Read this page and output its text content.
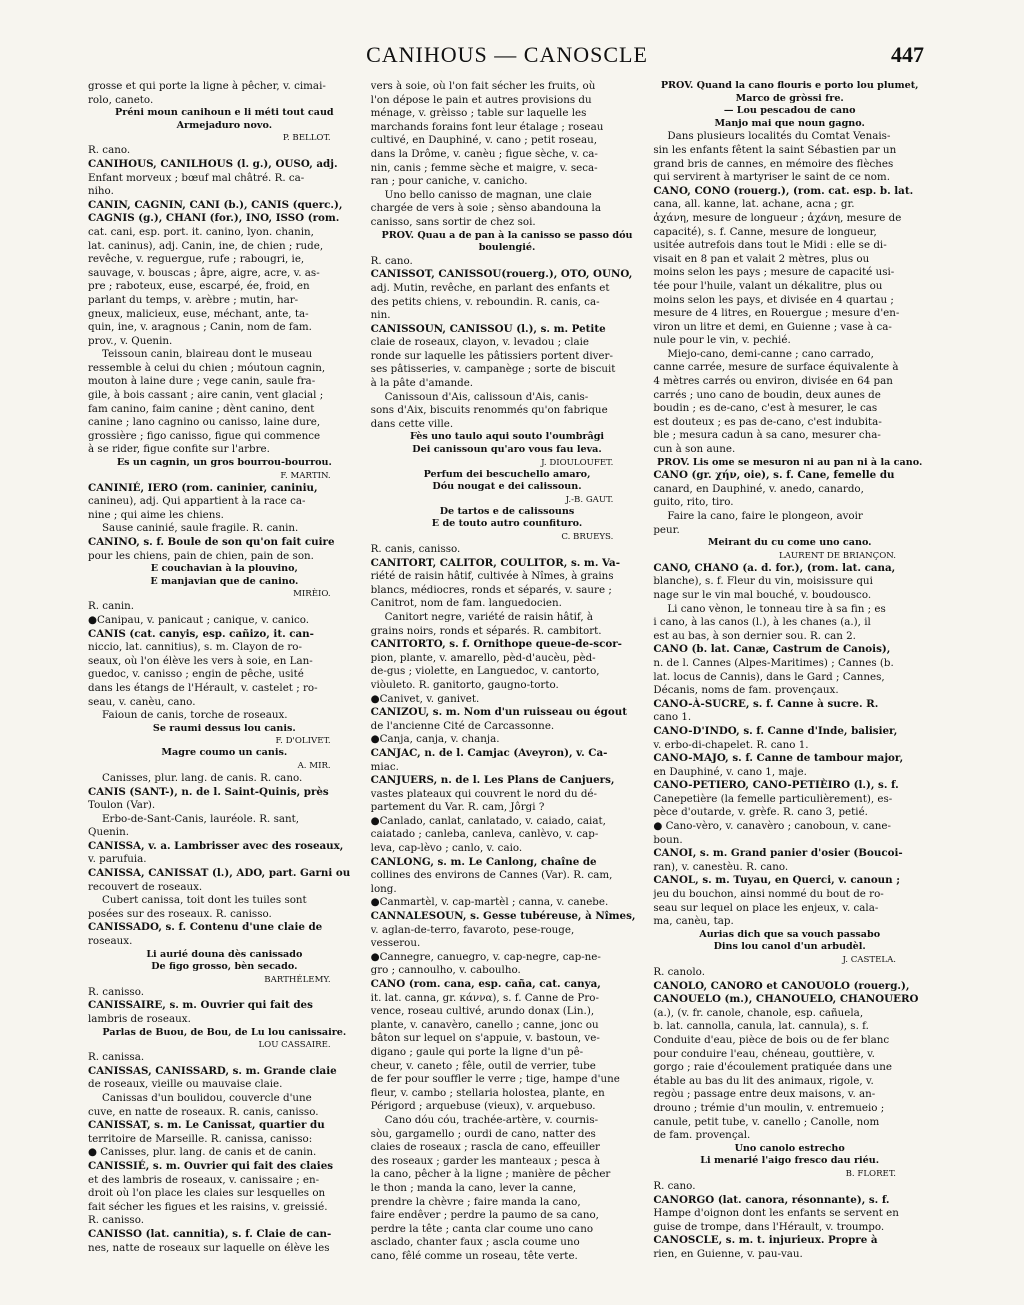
CANIHOUS — CANOSCLE	447

grosse et qui porte la ligne à pêcher, v. cimai-

rolo, caneto.

Préni moun canihoun e li méti tout caud

Armejaduro novo.

P. BELLOT.

R. cano.

CANIHOUS, CANILHOUS (l. g.), OUSO, adj.

Enfant morveux ; bœuf mal châtré. R. ca-

niho.

CANIN, CAGNIN, CANI (b.), CANIS (querc.),

CAGNIS (g.), CHANI (for.), INO, ISSO (rom.

cat. cani, esp. port. it. canino, lyon. chanin,

lat. caninus), adj. Canin, ine, de chien ; rude,

revêche, v. reguergue, rufe ; rabougri, ie,

sauvage, v. bouscas ; âpre, aigre, acre, v. as-

pre ; raboteux, euse, escarpé, ée, froid, en

parlant du temps, v. arèbre ; mutin, har-

gneux, malicieux, euse, méchant, ante, ta-

quin, ine, v. aragnous ; Canin, nom de fam.

prov., v. Quenin.

Teissoun canin, blaireau dont le museau

ressemble à celui du chien ; móutoun cagnin,

mouton à laine dure ; vege canin, saule fra-

gile, à bois cassant ; aire canin, vent glacial ;

fam canino, faim canine ; dènt canino, dent

canine ; lano cagnino ou canisso, laine dure,

grossière ; figo canisso, figue qui commence

à se rider, figue confite sur l'arbre.

Es un cagnin, un gros bourrou-bourrou.

F. MARTIN.

CANINIÉ, IERO (rom. caninier, caniniu,

canineu), adj. Qui appartient à la race ca-

nine ; qui aime les chiens.

Sause caninié, saule fragile. R. canin.

CANINO, s. f. Boule de son qu'on fait cuire

pour les chiens, pain de chien, pain de son.

E couchavian à la plouvino,

E manjavian que de canino.

MIRÈIO.

R. canin.

●Canipau, v. panicaut ; canique, v. canico.

CANIS (cat. canyis, esp. cañizo, it. can-

niccio, lat. cannitius), s. m. Clayon de ro-

seaux, où l'on élève les vers à soie, en Lan-

guedoc, v. canisso ; engin de pêche, usité

dans les étangs de l'Hérault, v. castelet ; ro-

seau, v. canèu, cano.

Faioun de canis, torche de roseaux.

Se raumi dessus lou canis.

F. D'OLIVET.

Magre coumo un canis.

A. MIR.

Canisses, plur. lang. de canis. R. cano.

CANIS (SANT-), n. de l. Saint-Quinis, près

Toulon (Var).

Erbo-de-Sant-Canis, lauréole. R. sant,

Quenin.

CANISSA, v. a. Lambrisser avec des roseaux,

v. parufuia.

CANISSA, CANISSAT (l.), ADO, part. Garni ou

recouvert de roseaux.

Cubert canissa, toit dont les tuiles sont

posées sur des roseaux. R. canisso.

CANISSADO, s. f. Contenu d'une claie de

roseaux.

Li aurié douna dès canissado

De figo grosso, bèn secado.

BARTHÉLEMY.

R. canisso.

CANISSAIRE, s. m. Ouvrier qui fait des

lambris de roseaux.

Parlas de Buou, de Bou, de Lu lou canissaire.

LOU CASSAIRE.

R. canissa.

CANISSAS, CANISSARD, s. m. Grande claie

de roseaux, vieille ou mauvaise claie.

Canissas d'un boulidou, couvercle d'une

cuve, en natte de roseaux. R. canis, canisso.

CANISSAT, s. m. Le Canissat, quartier du

territoire de Marseille. R. canissa, canisso:

● Canisses, plur. lang. de canis et de canin.

CANISSIÉ, s. m. Ouvrier qui fait des claies

et des lambris de roseaux, v. canissaire ; en-

droit où l'on place les claies sur lesquelles on

fait sécher les figues et les raisins, v. greissié.

R. canisso.

CANISSO (lat. cannitia), s. f. Claie de can-

nes, natte de roseaux sur laquelle on élève les

vers à soie, où l'on fait sécher les fruits, où

l'on dépose le pain et autres provisions du

ménage, v. grèisso ; table sur laquelle les

marchands forains font leur étalage ; roseau

cultivé, en Dauphiné, v. cano ; petit roseau,

dans la Drôme, v. canèu ; figue sèche, v. ca-

nin, canis ; femme sèche et maigre, v. seca-

ran ; pour caniche, v. canicho.

Uno bello canisso de magnan, une claie

chargée de vers à soie ; sènso abandouna la

canisso, sans sortir de chez soi.

PROV. Quau a de pan à la canisso se passo dóu

boulengié.

R. cano.

CANISSOT, CANISSOU(rouerg.), OTO, OUNO,

adj. Mutin, revêche, en parlant des enfants et

des petits chiens, v. reboundin. R. canis, ca-

nin.

CANISSOUN, CANISSOU (l.), s. m. Petite

claie de roseaux, clayon, v. levadou ; claie

ronde sur laquelle les pâtissiers portent diver-

ses pâtisseries, v. campanège ; sorte de biscuit

à la pâte d'amande.

Canissoun d'Ais, calissoun d'Ais, canis-

sons d'Aix, biscuits renommés qu'on fabrique

dans cette ville.

Fès uno taulo aqui souto l'oumbrâgi

Dei canissoun qu'aro vous fau leva.

J. DIOULOUFET.

Perfum dei bescuchello amaro,

Dóu nougat e dei calissoun.

J.-B. GAUT.

De tartos e de calissouns

E de touto autro counfituro.

C. BRUEYS.

R. canis, canisso.

CANITORT, CALITOR, COULITOR, s. m. Va-

riété de raisin hâtif, cultivée à Nîmes, à grains

blancs, médiocres, ronds et séparés, v. saure ;

Canitrot, nom de fam. languedocien.

Canitort negre, variété de raisin hâtif, à

grains noirs, ronds et séparés. R. cambitort.

CANITORTO, s. f. Ornithope queue-de-scor-

pion, plante, v. amarello, pèd-d'aucèu, pèd-

de-gus ; violette, en Languedoc, v. cantorto,

viòuleto. R. ganitorto, gaugno-torto.

●Canivet, v. ganivet.

CANIZOU, s. m. Nom d'un ruisseau ou égout

de l'ancienne Cité de Carcassonne.

●Canja, canja, v. chanja.

CANJAC, n. de l. Camjac (Aveyron), v. Ca-

miac.

CANJUERS, n. de l. Les Plans de Canjuers,

vastes plateaux qui couvrent le nord du dé-

partement du Var. R. cam, Jôrgi ?

●Canlado, canlat, canlatado, v. caiado, caiat,

caiatado ; canleba, canleva, canlèvo, v. cap-

leva, cap-lèvo ; canlo, v. caio.

CANLONG, s. m. Le Canlong, chaîne de

collines des environs de Cannes (Var). R. cam,

long.

●Canmartèl, v. cap-martèl ; canna, v. canebe.

CANNALESOUN, s. Gesse tubéreuse, à Nîmes,

v. aglan-de-terro, favaroto, pese-rouge,

vesserou.

●Cannegre, canuegro, v. cap-negre, cap-ne-

gro ; cannoulho, v. caboulho.

CANO (rom. cana, esp. caña, cat. canya,

it. lat. canna, gr. κάννα), s. f. Canne de Pro-

vence, roseau cultivé, arundo donax (Lin.),

plante, v. canavèro, canello ; canne, jonc ou

bâton sur lequel on s'appuie, v. bastoun, ve-

digano ; gaule qui porte la ligne d'un pê-

cheur, v. caneto ; fêle, outil de verrier, tube

de fer pour souffler le verre ; tige, hampe d'une

fleur, v. cambo ; stellaria holostea, plante, en

Périgord ; arquebuse (vieux), v. arquebuso.

Cano dóu cóu, trachée-artère, v. cournis-

sòu, gargamello ; ourdi de cano, natter des

claies de roseaux ; rascla de cano, effeuiller

des roseaux ; garder les manteaux ; pesca à

la cano, pêcher à la ligne ; manière de pêcher

le thon ; manda la cano, lever la canne,

prendre la chèvre ; faire manda la cano,

faire endêver ; perdre la paumo de sa cano,

perdre la tête ; canta clar coume uno cano

asclado, chanter faux ; ascla coume uno

cano, fêlé comme un roseau, tête verte.

PROV. Quand la cano flouris e porto lou plumet,

Marco de gròssi fre.

— Lou pescadou de cano

Manjo mai que noun gagno.

Dans plusieurs localités du Comtat Venais-

sin les enfants fêtent la saint Sébastien par un

grand bris de cannes, en mémoire des flèches

qui servirent à martyriser le saint de ce nom.

CANO, CONO (rouerg.), (rom. cat. esp. b. lat.

cana, all. kanne, lat. achane, acna ; gr.

ἀχάνη, mesure de longueur ; ἀχάνη, mesure de

capacité), s. f. Canne, mesure de longueur,

usitée autrefois dans tout le Midi : elle se di-

visait en 8 pan et valait 2 mètres, plus ou

moins selon les pays ; mesure de capacité usi-

tée pour l'huile, valant un dékalitre, plus ou

moins selon les pays, et divisée en 4 quartau ;

mesure de 4 litres, en Rouergue ; mesure d'en-

viron un litre et demi, en Guienne ; vase à ca-

nule pour le vin, v. pechié.

Miejo-cano, demi-canne ; cano carrado,

canne carrée, mesure de surface équivalente à

4 mètres carrés ou environ, divisée en 64 pan

carrés ; uno cano de boudin, deux aunes de

boudin ; es de-cano, c'est à mesurer, le cas

est douteux ; es pas de-cano, c'est indubita-

ble ; mesura cadun à sa cano, mesurer cha-

cun à son aune.

PROV. Lis ome se mesuron ni au pan ni à la cano.

CANO (gr. χήν, oie), s. f. Cane, femelle du

canard, en Dauphiné, v. anedo, canardo,

guito, rito, tiro.

Faire la cano, faire le plongeon, avoir

peur.

Meirant du cu come uno cano.

LAURENT DE BRIANÇON.

CANO, CHANO (a. d. for.), (rom. lat. cana,

blanche), s. f. Fleur du vin, moisissure qui

nage sur le vin mal bouché, v. boudousco.

Li cano vènon, le tonneau tire à sa fin ; es

i cano, à las canos (l.), à les chanes (a.), il

est au bas, à son dernier sou. R. can 2.

CANO (b. lat. Canæ, Castrum de Canois),

n. de l. Cannes (Alpes-Maritimes) ; Cannes (b.

lat. locus de Cannis), dans le Gard ; Cannes,

Décanis, noms de fam. provençaux.

CANO-À-SUCRE, s. f. Canne à sucre. R.

cano 1.

CANO-D'INDO, s. f. Canne d'Inde, balisier,

v. erbo-di-chapelet. R. cano 1.

CANO-MAJO, s. f. Canne de tambour major,

en Dauphiné, v. cano 1, maje.

CANO-PETIERO, CANO-PETIÈIRO (l.), s. f.

Canepetière (la femelle particulièrement), es-

pèce d'outarde, v. grèfe. R. cano 3, petié.

● Cano-vèro, v. canavèro ; canoboun, v. cane-

boun.

CANOI, s. m. Grand panier d'osier (Boucoi-

ran), v. canestèu. R. cano.

CANOL, s. m. Tuyau, en Querci, v. canoun ;

jeu du bouchon, ainsi nommé du bout de ro-

seau sur lequel on place les enjeux, v. cala-

ma, canèu, tap.

Aurias dich que sa vouch passabo

Dins lou canol d'un arbudèl.

J. CASTELA.

R. canolo.

CANOLO, CANORO et CANOUOLO (rouerg.),

CANOUELO (m.), CHANOUELO, CHANOUERO

(a.), (v. fr. canole, chanole, esp. cañuela,

b. lat. cannolla, canula, lat. cannula), s. f.

Conduite d'eau, pièce de bois ou de fer blanc

pour conduire l'eau, chéneau, gouttière, v.

gorgo ; raie d'écoulement pratiquée dans une

étable au bas du lit des animaux, rigole, v.

regòu ; passage entre deux maisons, v. an-

drouno ; trémie d'un moulin, v. entremueio ;

canule, petit tube, v. canello ; Canolle, nom

de fam. provençal.

Uno canolo estrecho

Li menarié l'aigo fresco dau riéu.

B. FLORET.

R. cano.

CANORGO (lat. canora, résonnante), s. f.

Hampe d'oignon dont les enfants se servent en

guise de trompe, dans l'Hérault, v. troumpo.

CANOSCLE, s. m. t. injurieux. Propre à

rien, en Guienne, v. pau-vau.
